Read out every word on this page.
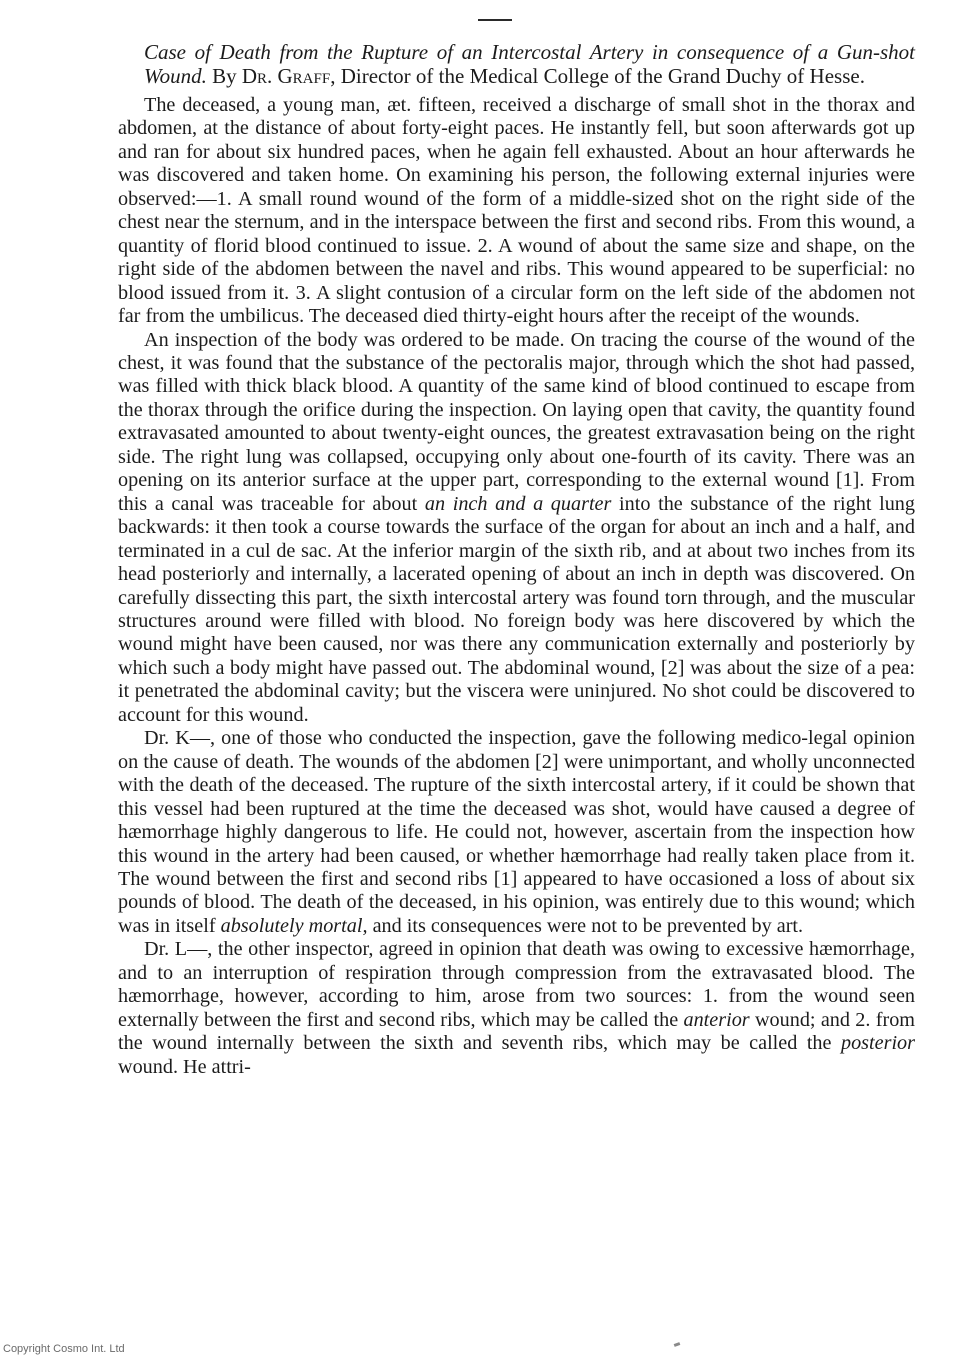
Case of Death from the Rupture of an Intercostal Artery in consequence of a Gun-shot Wound. By Dr. Graff, Director of the Medical College of the Grand Duchy of Hesse.

The deceased, a young man, æt. fifteen, received a discharge of small shot in the thorax and abdomen, at the distance of about forty-eight paces. He instantly fell, but soon afterwards got up and ran for about six hundred paces, when he again fell exhausted. About an hour afterwards he was discovered and taken home. On examining his person, the following external injuries were observed:—1. A small round wound of the form of a middle-sized shot on the right side of the chest near the sternum, and in the interspace between the first and second ribs. From this wound, a quantity of florid blood continued to issue. 2. A wound of about the same size and shape, on the right side of the abdomen between the navel and ribs. This wound appeared to be superficial: no blood issued from it. 3. A slight contusion of a circular form on the left side of the abdomen not far from the umbilicus. The deceased died thirty-eight hours after the receipt of the wounds.

An inspection of the body was ordered to be made. On tracing the course of the wound of the chest, it was found that the substance of the pectoralis major, through which the shot had passed, was filled with thick black blood. A quantity of the same kind of blood continued to escape from the thorax through the orifice during the inspection. On laying open that cavity, the quantity found extravasated amounted to about twenty-eight ounces, the greatest extravasation being on the right side. The right lung was collapsed, occupying only about one-fourth of its cavity. There was an opening on its anterior surface at the upper part, corresponding to the external wound [1]. From this a canal was traceable for about an inch and a quarter into the substance of the right lung backwards: it then took a course towards the surface of the organ for about an inch and a half, and terminated in a cul de sac. At the inferior margin of the sixth rib, and at about two inches from its head posteriorly and internally, a lacerated opening of about an inch in depth was discovered. On carefully dissecting this part, the sixth intercostal artery was found torn through, and the muscular structures around were filled with blood. No foreign body was here discovered by which the wound might have been caused, nor was there any communication externally and posteriorly by which such a body might have passed out. The abdominal wound, [2] was about the size of a pea: it penetrated the abdominal cavity; but the viscera were uninjured. No shot could be discovered to account for this wound.

Dr. K—, one of those who conducted the inspection, gave the following medico-legal opinion on the cause of death. The wounds of the abdomen [2] were unimportant, and wholly unconnected with the death of the deceased. The rupture of the sixth intercostal artery, if it could be shown that this vessel had been ruptured at the time the deceased was shot, would have caused a degree of hæmorrhage highly dangerous to life. He could not, however, ascertain from the inspection how this wound in the artery had been caused, or whether hæmorrhage had really taken place from it. The wound between the first and second ribs [1] appeared to have occasioned a loss of about six pounds of blood. The death of the deceased, in his opinion, was entirely due to this wound; which was in itself absolutely mortal, and its consequences were not to be prevented by art.

Dr. L—, the other inspector, agreed in opinion that death was owing to excessive hæmorrhage, and to an interruption of respiration through compression from the extravasated blood. The hæmorrhage, however, according to him, arose from two sources: 1. from the wound seen externally between the first and second ribs, which may be called the anterior wound; and 2. from the wound internally between the sixth and seventh ribs, which may be called the posterior wound. He attri-

Copyright Cosmo Int. Ltd
